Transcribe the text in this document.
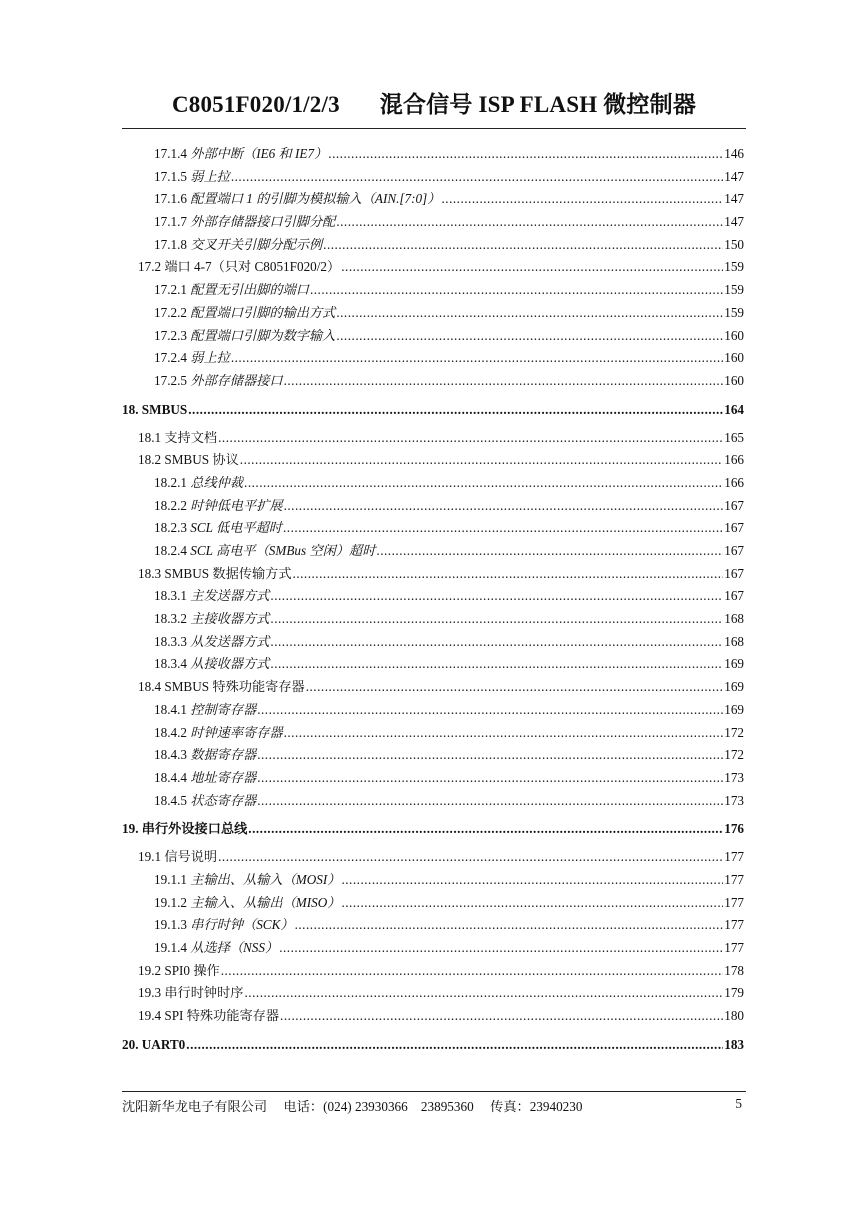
C8051F020/1/2/3 混合信号 ISP FLASH 微控制器
17.1.4 外部中断（IE6 和 IE7） .....	146
17.1.5 弱上拉 .....	147
17.1.6 配置端口 1 的引脚为模拟输入（AIN.[7:0]） .....	147
17.1.7 外部存储器接口引脚分配 .....	147
17.1.8 交叉开关引脚分配示例 .....	150
17.2 端口 4-7（只对 C8051F020/2） .....	159
17.2.1 配置无引出脚的端口 .....	159
17.2.2 配置端口引脚的输出方式 .....	159
17.2.3 配置端口引脚为数字输入 .....	160
17.2.4 弱上拉 .....	160
17.2.5 外部存储器接口 .....	160
18. SMBUS .....	164
18.1 支持文档 .....	165
18.2 SMBUS 协议 .....	166
18.2.1 总线仲裁 .....	166
18.2.2 时钟低电平扩展 .....	167
18.2.3 SCL 低电平超时 .....	167
18.2.4 SCL 高电平（SMBus 空闲）超时 .....	167
18.3 SMBUS 数据传输方式 .....	167
18.3.1 主发送器方式 .....	167
18.3.2 主接收器方式 .....	168
18.3.3 从发送器方式 .....	168
18.3.4 从接收器方式 .....	169
18.4 SMBUS 特殊功能寄存器 .....	169
18.4.1 控制寄存器 .....	169
18.4.2 时钟速率寄存器 .....	172
18.4.3 数据寄存器 .....	172
18.4.4 地址寄存器 .....	173
18.4.5 状态寄存器 .....	173
19. 串行外设接口总线 .....	176
19.1 信号说明 .....	177
19.1.1 主输出、从输入（MOSI） .....	177
19.1.2 主输入、从输出（MISO） .....	177
19.1.3 串行时钟（SCK） .....	177
19.1.4 从选择（NSS） .....	177
19.2 SPI0 操作 .....	178
19.3 串行时钟时序 .....	179
19.4 SPI 特殊功能寄存器 .....	180
20. UART0 .....	183
沈阳新华龙电子有限公司　 电话：(024) 23930366　23895360　 传真：23940230	5
